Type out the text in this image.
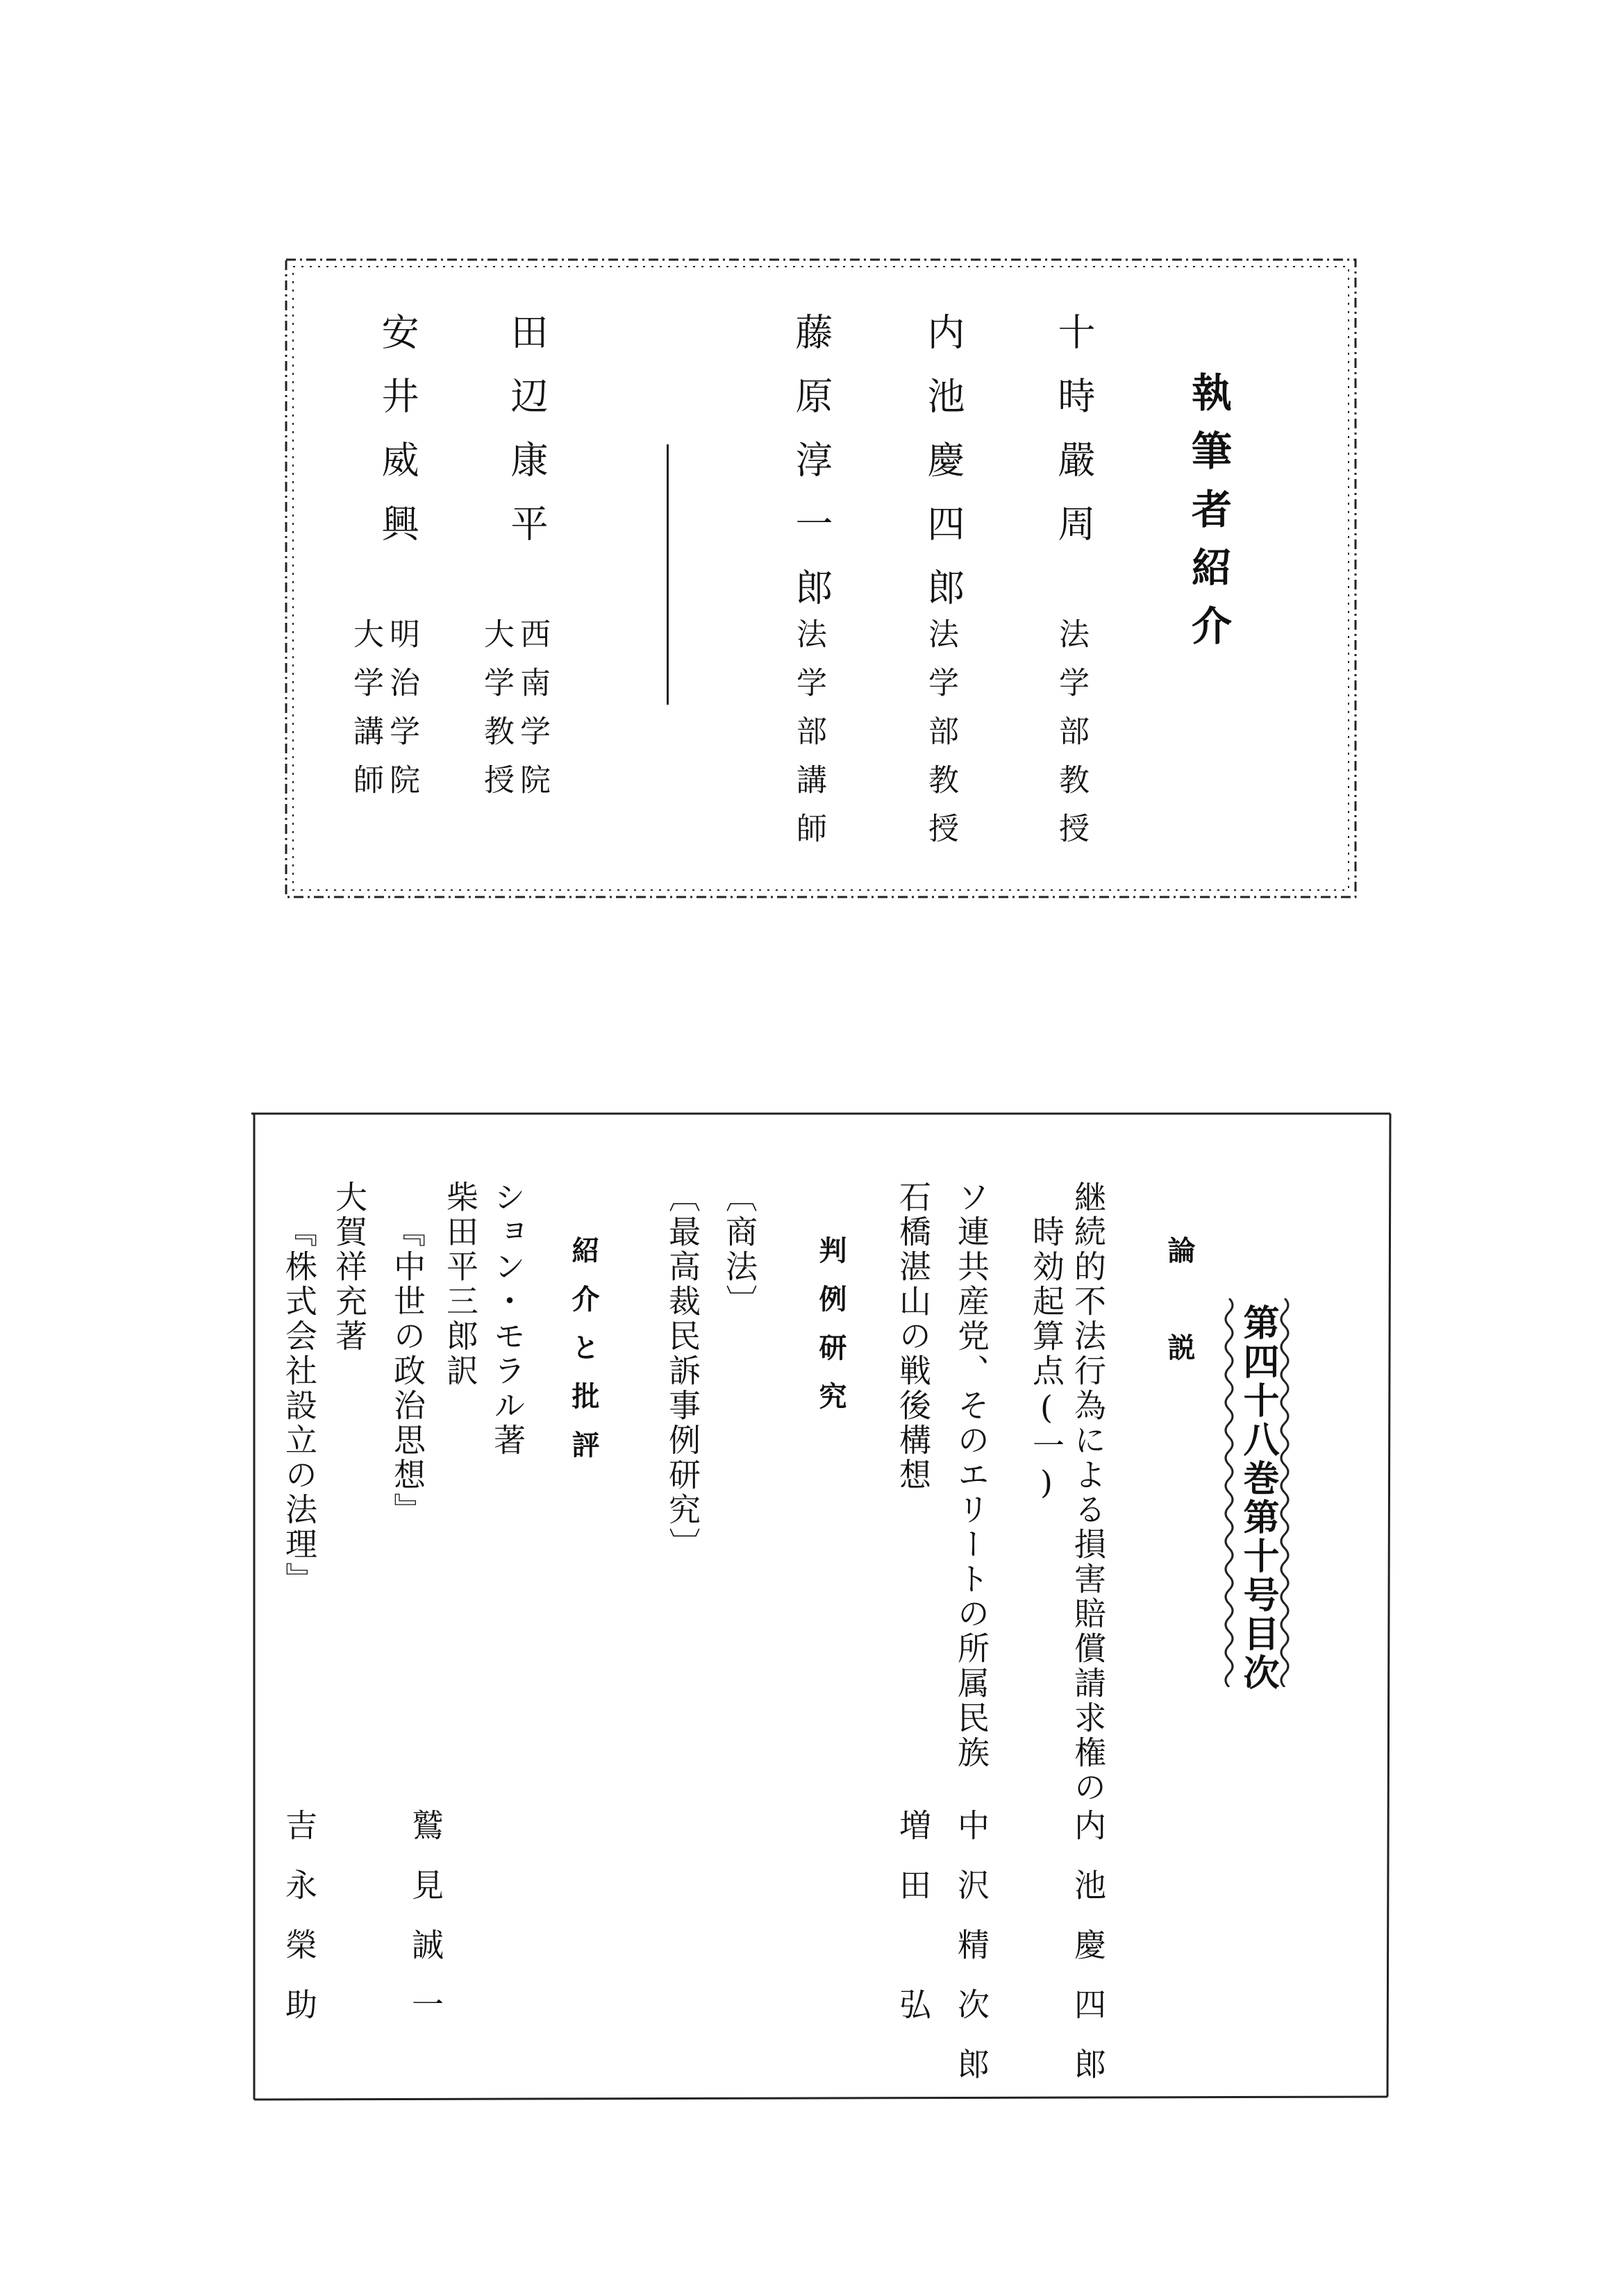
執筆者紹介
十時嚴周
法学部教授
内池慶四郎
法学部教授
藤原淳一郎
法学部講師
田辺康平
西南学院
大学教授
安井威興
明治学院
大学講師
第四十八巻第十号目次
論　説
継続的不法行為による損害賠償請求権の
時効起算点(一)
内池慶四郎
ソ連共産党、そのエリートの所属民族
中沢精次郎
石橋湛山の戦後構想
増田　弘
判例研究
〔商法〕
〔最高裁民訴事例研究〕
紹介と批評
ション・モラル著
柴田平三郎訳
『中世の政治思想』
鷲見誠一
大賀祥充著
『株式会社設立の法理』
吉永榮助
